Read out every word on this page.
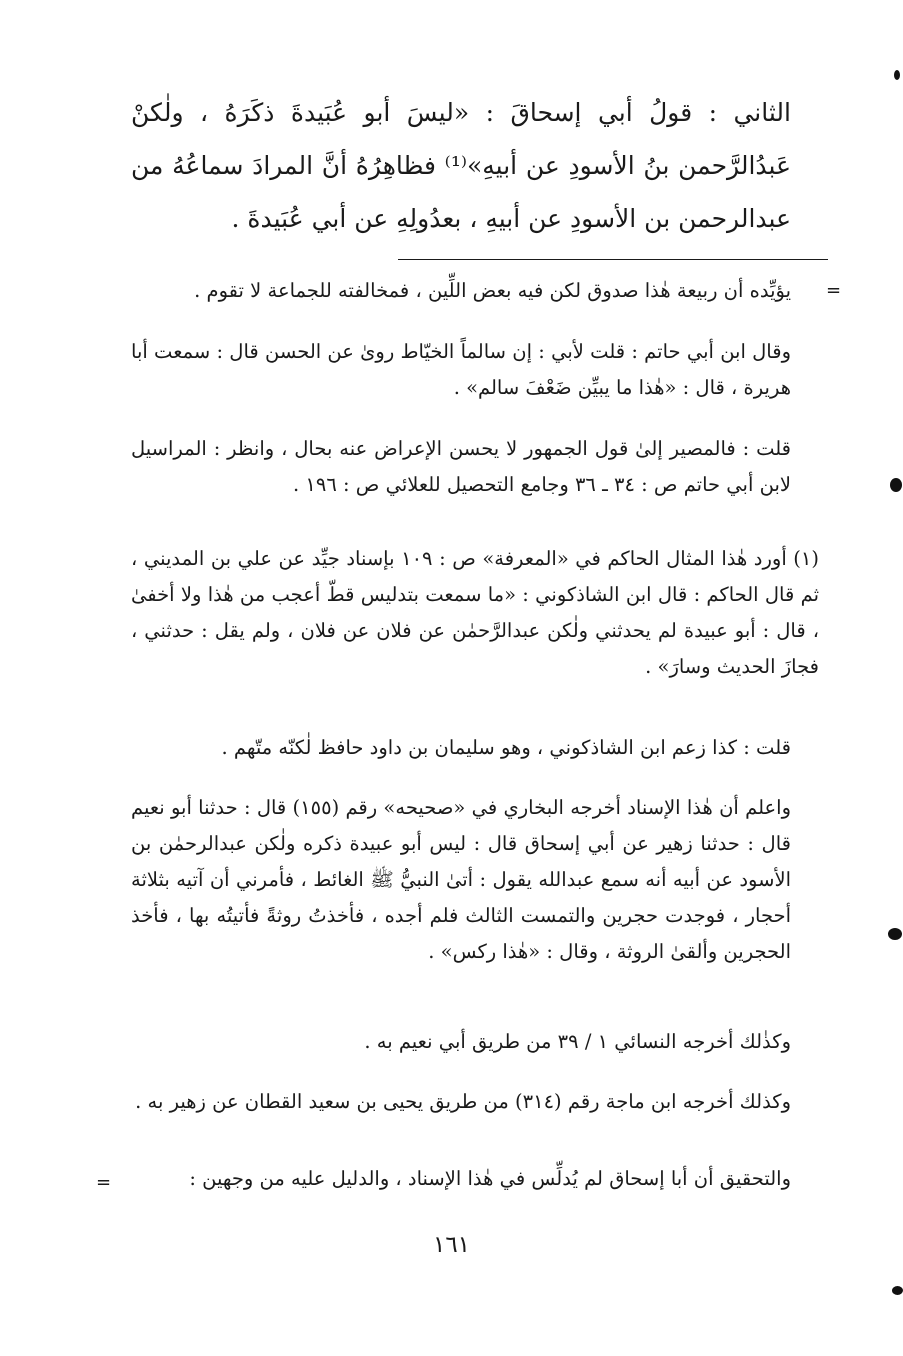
الثاني : قولُ أبي إسحاقَ : «ليسَ أبو عُبَيدةَ ذكَرَهُ ، ولٰكنْ عَبدُالرَّحمن بنُ الأسودِ عن أبيهِ»⁽¹⁾ فظاهِرُهُ أنَّ المرادَ سماعُهُ من عبدالرحمن بن الأسودِ عن أبيهِ ، بعدُولِهِ عن أبي عُبَيدةَ .
=
يؤيِّده أن ربيعة هٰذا صدوق لكن فيه بعض اللِّين ، فمخالفته للجماعة لا تقوم .
وقال ابن أبي حاتم : قلت لأبي : إن سالماً الخيّاط روىٰ عن الحسن قال : سمعت أبا هريرة ، قال : «هٰذا ما يبيِّن ضَعْفَ سالم» .
قلت : فالمصير إلىٰ قول الجمهور لا يحسن الإعراض عنه بحال ، وانظر : المراسيل لابن أبي حاتم ص : ٣٤ ـ ٣٦ وجامع التحصيل للعلائي ص : ١٩٦ .
(١) أورد هٰذا المثال الحاكم في «المعرفة» ص : ١٠٩ بإسناد جيِّد عن علي بن المديني ، ثم قال الحاكم : قال ابن الشاذكوني : «ما سمعت بتدليس قطّ أعجب من هٰذا ولا أخفىٰ ، قال : أبو عبيدة لم يحدثني ولٰكن عبدالرَّحمٰن عن فلان عن فلان ، ولم يقل : حدثني ، فجازَ الحديث وسارَ» .
قلت : كذا زعم ابن الشاذكوني ، وهو سليمان بن داود حافظ لٰكنّه متّهم .
واعلم أن هٰذا الإسناد أخرجه البخاري في «صحيحه» رقم (١٥٥) قال : حدثنا أبو نعيم قال : حدثنا زهير عن أبي إسحاق قال : ليس أبو عبيدة ذكره ولٰكن عبدالرحمٰن بن الأسود عن أبيه أنه سمع عبدالله يقول : أتىٰ النبيُّ ﷺ الغائط ، فأمرني أن آتيه بثلاثة أحجار ، فوجدت حجرين والتمست الثالث فلم أجده ، فأخذتُ روثةً فأتيتُه بها ، فأخذ الحجرين وألقىٰ الروثة ، وقال : «هٰذا ركس» .
وكذٰلك أخرجه النسائي ١ / ٣٩ من طريق أبي نعيم به .
وكذلك أخرجه ابن ماجة رقم (٣١٤) من طريق يحيى بن سعيد القطان عن زهير به .
والتحقيق أن أبا إسحاق لم يُدلِّس في هٰذا الإسناد ، والدليل عليه من وجهين :
=
١٦١
